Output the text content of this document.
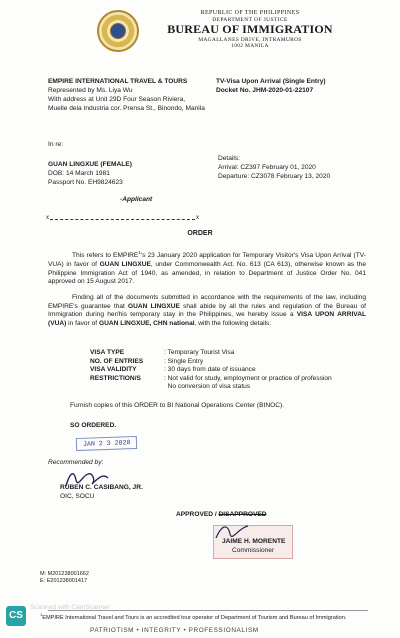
REPUBLIC OF THE PHILIPPINES
DEPARTMENT OF JUSTICE
BUREAU OF IMMIGRATION
MAGALLANES DRIVE, INTRAMUROS
1002 MANILA
EMPIRE INTERNATIONAL TRAVEL & TOURS
Represented by Ms. Liya Wu
With address at Unit 29D Four Season Riviera,
Muelle dela Industria cor. Prensa St., Binondo, Manila
TV-Visa Upon Arrival (Single Entry)
Docket No. JHM-2020-01-22107
In re:
GUAN LINGXUE (FEMALE)
DOB: 14 March 1981
Passport No. EH9824623
Details:
Arrival: CZ397 February 01, 2020
Departure: CZ3078 February 13, 2020
-Applicant
x	x
ORDER
This refers to EMPIRE$^1$'s 23 January 2020 application for Temporary Visitor's Visa Upon Arrival (TV-VUA) in favor of GUAN LINGXUE, under Commonwealth Act. No. 613 (CA 613), otherwise known as the Philippine Immigration Act of 1940, as amended, in relation to Department of Justice Order No. 041 approved on 15 August 2017.
Finding all of the documents submitted in accordance with the requirements of the law, including EMPIRE's guarantee that GUAN LINGXUE shall abide by all the rules and regulation of the Bureau of Immigration during her/his temporary stay in the Philippines, we hereby issue a VISA UPON ARRIVAL (VUA) in favor of GUAN LINGXUE, CHN national, with the following details:
VISA TYPE	: Temporary Tourist Visa
NO. OF ENTRIES	: Single Entry
VISA VALIDITY	: 30 days from date of issuance
RESTRICTION/S	: Not valid for study, employment or practice of profession
No conversion of visa status
Furnish copies of this ORDER to BI National Operations Center (BINOC).
SO ORDERED.
JAN 2 3 2020
Recommended by:
RUBEN C. CASIBANG, JR.
OIC, SOCU
APPROVED / DISAPPROVED
JAIME H. MORENTE
Commissioner
M: M201238001662
E: E201238001417
$^1$EMPIRE International Travel and Tours is an accredited tour operator of Department of Tourism and Bureau of Immigration.
PATRIOTISM • INTEGRITY • PROFESSIONALISM
CS
Scanned with CamScanner
